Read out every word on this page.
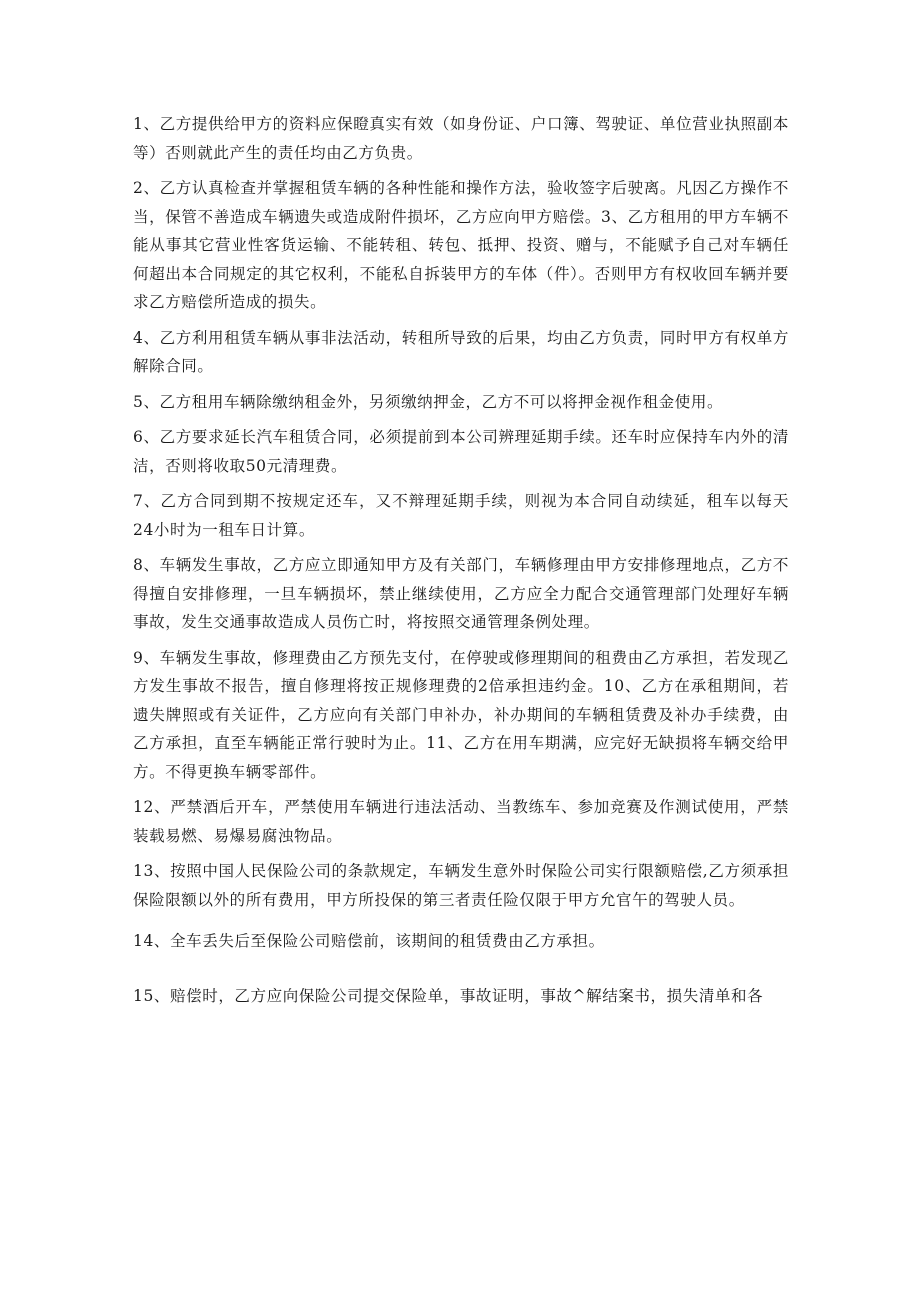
1、乙方提供给甲方的资料应保瞪真实有效（如身份证、户口簿、驾驶证、单位营业执照副本等）否则就此产生的责任均由乙方负贵。

2、乙方认真检查并掌握租赁车辆的各种性能和操作方法，验收签字后驶离。凡因乙方操作不当，保管不善造成车辆遗失或造成附件损坏，乙方应向甲方赔偿。3、乙方租用的甲方车辆不能从事其它营业性客货运输、不能转租、转包、抵押、投资、赠与，不能赋予自己对车辆任何超出本合同规定的其它权利，不能私自拆装甲方的车体（件）。否则甲方有权收回车辆并要求乙方赔偿所造成的损失。

4、乙方利用租赁车辆从事非法活动，转租所导致的后果，均由乙方负责，同时甲方有权单方解除合同。

5、乙方租用车辆除缴纳租金外，另须缴纳押金，乙方不可以将押金视作租金使用。

6、乙方要求延长汽车租赁合同，必须提前到本公司辨理延期手续。还车时应保持车内外的清洁，否则将收取50元清理费。

7、乙方合同到期不按规定还车，又不辩理延期手续，则视为本合同自动续延，租车以每天24小时为一租车日计算。

8、车辆发生事故，乙方应立即通知甲方及有关部门，车辆修理由甲方安排修理地点，乙方不得擅自安排修理，一旦车辆损坏，禁止继续使用，乙方应全力配合交通管理部门处理好车辆事故，发生交通事故造成人员伤亡时，将按照交通管理条例处理。

9、车辆发生事故，修理费由乙方预先支付，在停驶或修理期间的租费由乙方承担，若发现乙方发生事故不报告，擅自修理将按正规修理费的2倍承担违约金。10、乙方在承租期间，若遗失牌照或有关证件，乙方应向有关部门申补办，补办期间的车辆租赁费及补办手续费，由乙方承担，直至车辆能正常行驶时为止。11、乙方在用车期满，应完好无缺损将车辆交给甲方。不得更换车辆零部件。

12、严禁酒后开车，严禁使用车辆进行违法活动、当教练车、参加竞赛及作测试使用，严禁装载易燃、易爆易腐浊物品。

13、按照中国人民保险公司的条款规定，车辆发生意外时保险公司实行限额赔偿,乙方须承担保险限额以外的所有费用，甲方所投保的第三者责任险仅限于甲方允官午的驾驶人员。

14、全车丢失后至保险公司赔偿前，该期间的租赁费由乙方承担。

15、赔偿时，乙方应向保险公司提交保险单，事故证明，事故^解结案书，损失清单和各
